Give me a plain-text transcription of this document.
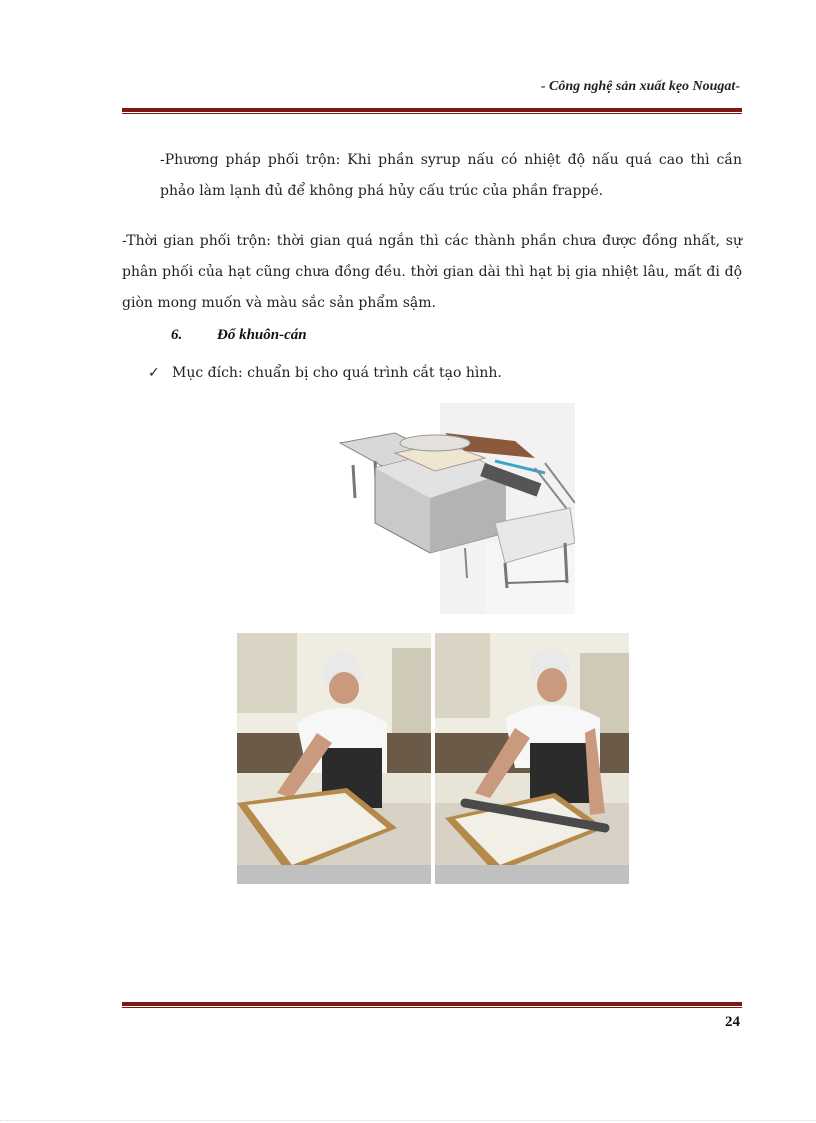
- Công nghệ sản xuất kẹo Nougat-
-Phương pháp phối trộn: Khi phần syrup nấu có nhiệt độ nấu quá cao thì cần
phảo làm lạnh đủ để không phá hủy cấu trúc của phần frappé.
-Thời gian phối trộn: thời gian quá ngắn thì các thành phần chưa được đồng nhất, sự
phân phối của hạt cũng chưa đồng đều. thời gian dài thì hạt bị gia nhiệt lâu, mất đi độ
giòn mong muốn và màu sắc sản phẩm sậm.
6. Đổ khuôn-cán
✓ Mục đích: chuẩn bị cho quá trình cắt tạo hình.
24
